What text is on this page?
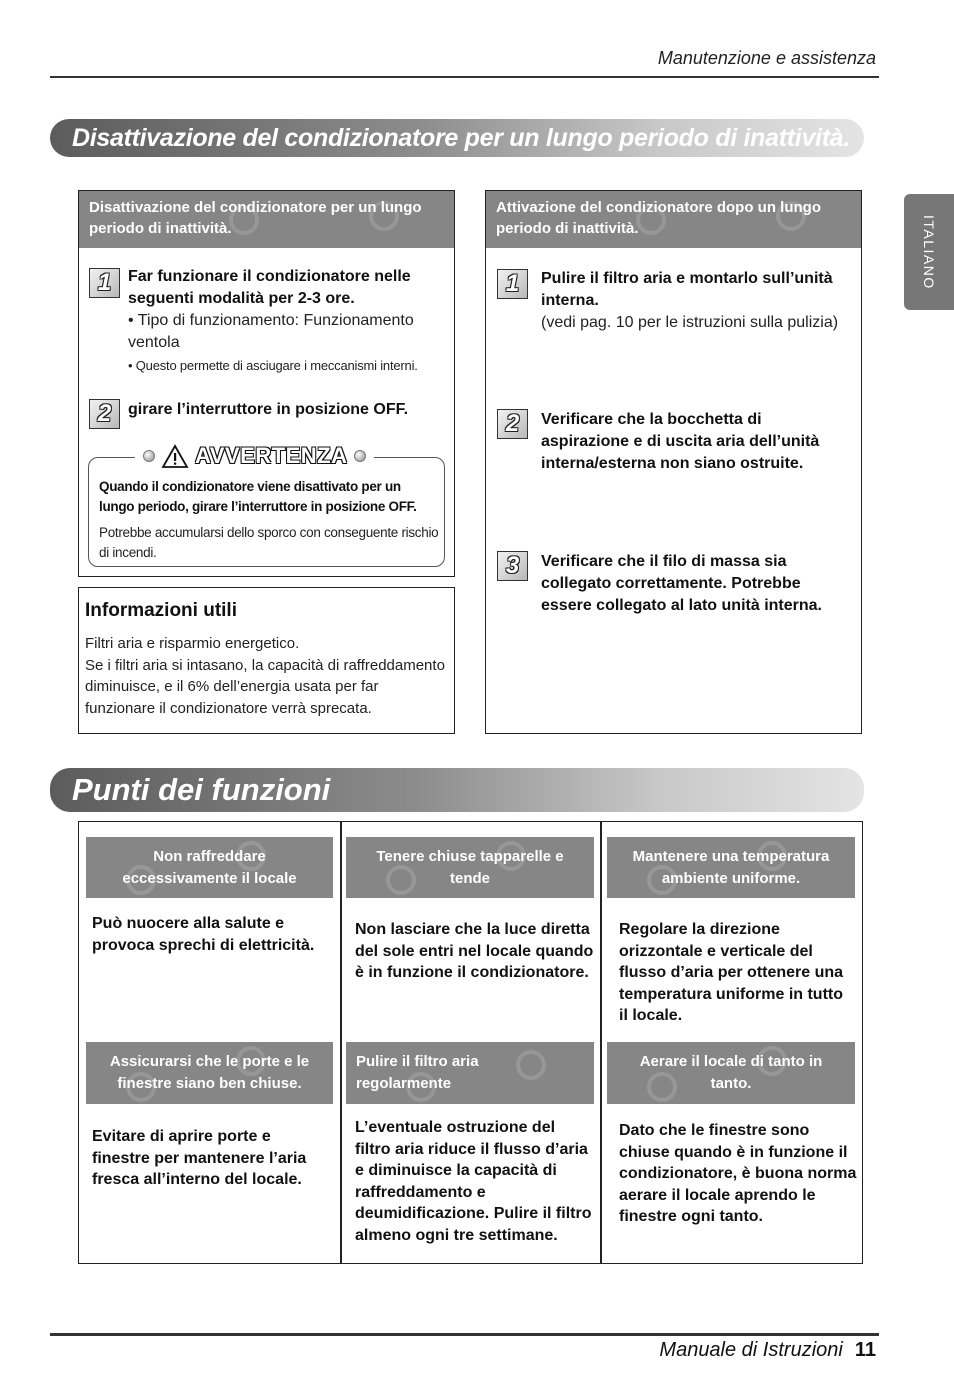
Manutenzione e assistenza
ITALIANO
Disattivazione del condizionatore per un lungo periodo di inattività.
Disattivazione del condizionatore per un lungo periodo di inattività.
1	Far funzionare il condizionatore nelle seguenti modalità per 2-3 ore.
• Tipo di funzionamento: Funzionamento ventola
• Questo permette di asciugare i meccanismi interni.
2	girare l’interruttore in posizione OFF.
AVVERTENZA
Quando il condizionatore viene disattivato per un lungo periodo, girare l’interruttore in posizione OFF.
Potrebbe accumularsi dello sporco con conseguente rischio di incendi.
Informazioni utili
Filtri aria e risparmio energetico.
Se i filtri aria si intasano, la capacità di raffreddamento diminuisce, e il 6% dell’energia usata per far funzionare il condizionatore verrà sprecata.
Attivazione del condizionatore dopo un lungo periodo di inattività.
1	Pulire il filtro aria e montarlo sull’unità interna.
(vedi pag. 10 per le istruzioni sulla pulizia)
2	Verificare che la bocchetta di aspirazione e di uscita aria dell’unità interna/esterna non siano ostruite.
3	Verificare che il filo di massa sia collegato correttamente. Potrebbe essere collegato al lato unità interna.
Punti dei funzioni
Non raffreddare eccessivamente il locale
Può nuocere alla salute e provoca sprechi di elettricità.
Tenere chiuse tapparelle e tende
Non lasciare che la luce diretta del sole entri nel locale quando è in funzione il condizionatore.
Mantenere una temperatura ambiente uniforme.
Regolare la direzione orizzontale e verticale del flusso d’aria per ottenere una temperatura uniforme in tutto il locale.
Assicurarsi che le porte e le finestre siano ben chiuse.
Evitare di aprire porte e finestre per mantenere l’aria fresca all’interno del locale.
Pulire il filtro aria regolarmente
L’eventuale ostruzione del filtro aria riduce il flusso d’aria e diminuisce la capacità di raffreddamento e deumidificazione. Pulire il filtro almeno ogni tre settimane.
Aerare il locale di tanto in tanto.
Dato che le finestre sono chiuse quando è in funzione il condizionatore, è buona norma aerare il locale aprendo le finestre ogni tanto.
Manuale di Istruzioni 11
